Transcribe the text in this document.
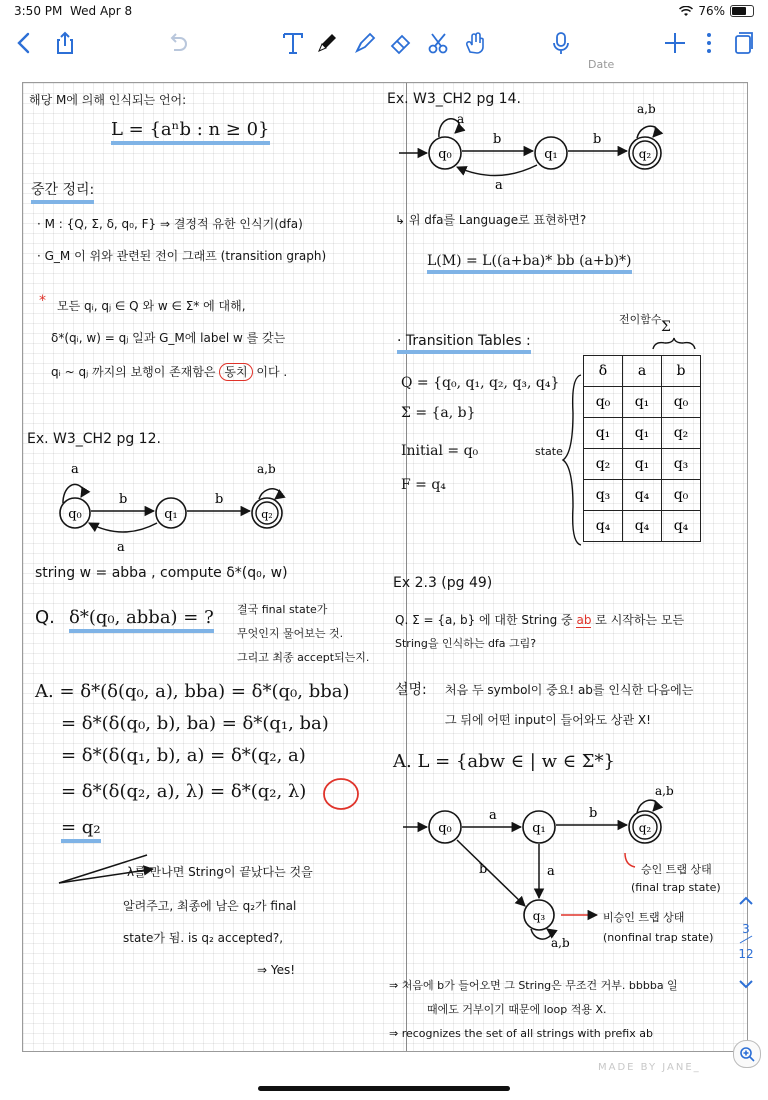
3:50 PM Wed Apr 8	76%
Date
해당 M에 의해 인식되는 언어:
L = {aⁿb : n ≥ 0}
중간 정리:
· M : {Q, Σ, δ, q₀, F} ⇒ 결정적 유한 인식기(dfa)
· G_M 이 위와 관련된 전이 그래프 (transition graph)
* 모든 qᵢ, qⱼ ∈ Q 와 w ∈ Σ* 에 대해,
δ*(qᵢ, w) = qⱼ 일과 G_M에 label w 를 갖는
qᵢ ~ qⱼ 까지의 보행이 존재함은 동치 이다 .
Ex. W3_CH2 pg 12.
q₀	q₁	q₂
a
b	b
a
a,b
string w = abba , compute δ*(q₀, w)
Q. δ*(q₀, abba) = ? 결국 final state가
무엇인지 물어보는 것.
그리고 최종 accept되는지.
A. = δ*(δ(q₀, a), bba) = δ*(q₀, bba)
= δ*(δ(q₀, b), ba) = δ*(q₁, ba)
= δ*(δ(q₁, b), a) = δ*(q₂, a)
= δ*(δ(q₂, a), λ) = δ*(q₂, λ)
= q₂
λ를 만나면 String이 끝났다는 것을
알려주고, 최종에 남은 q₂가 final
state가 됨. is q₂ accepted?,
⇒ Yes!
Ex. W3_CH2 pg 14.
q₀	q₁	q₂
a
b	b
a
a,b
↳ 위 dfa를 Language로 표현하면?
L(M) = L((a+ba)* bb (a+b)*)
· Transition Tables :
Q = {q₀, q₁, q₂, q₃, q₄}
Σ = {a, b}
Initial = q₀
F = q₄
전이함수 Σ
state
δ	a	b
q₀	q₁	q₀
q₁	q₁	q₂
q₂	q₁	q₃
q₃	q₄	q₀
q₄	q₄	q₄
Ex 2.3 (pg 49)
Q. Σ = {a, b} 에 대한 String 중 ab 로 시작하는 모든
String을 인식하는 dfa 그림?
설명: 처음 두 symbol이 중요! ab를 인식한 다음에는
그 뒤에 어떤 input이 들어와도 상관 X!
A. L = {abw ∈ | w ∈ Σ*}
q₀	q₁	q₂
q₃
a	b
b	a
a,b
a,b
승인 트랩 상태
(final trap state)
비승인 트랩 상태
(nonfinal trap state)
⇒ 처음에 b가 들어오면 그 String은 무조건 거부. bbbba 일
때에도 거부이기 때문에 loop 적용 X.
⇒ recognizes the set of all strings with prefix ab
3
12
MADE BY JANE_
